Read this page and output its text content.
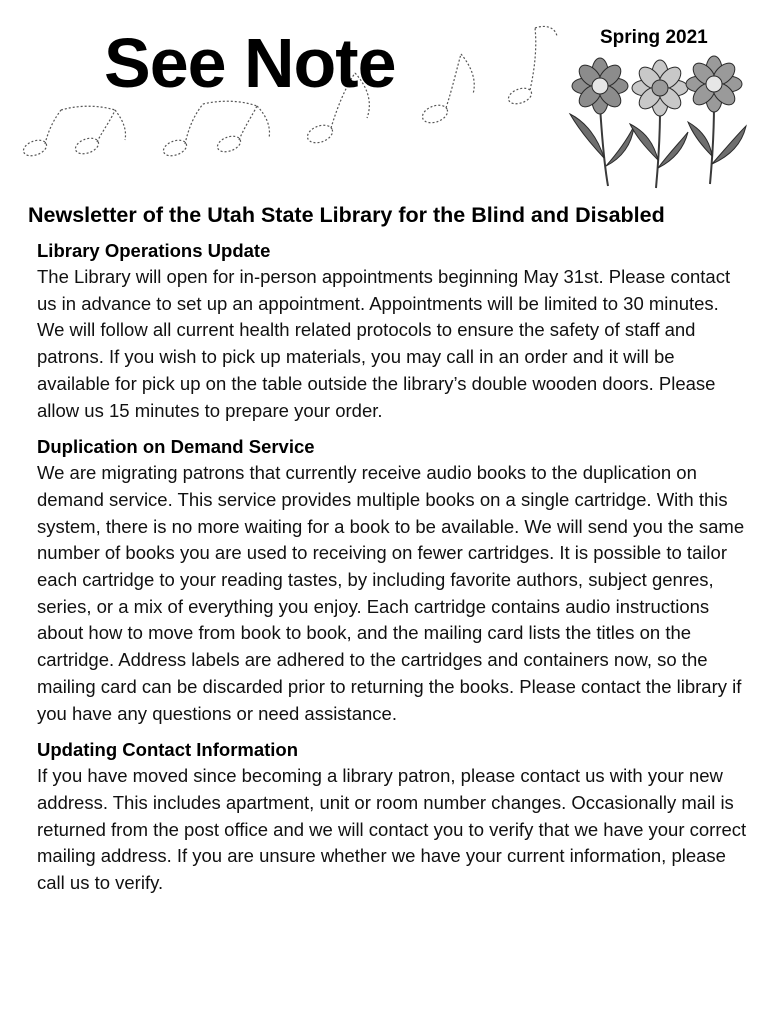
See Note	Spring 2021
Newsletter of the Utah State Library for the Blind and Disabled
Library Operations Update

The Library will open for in-person appointments beginning May 31st. Please contact us in advance to set up an appointment. Appointments will be limited to 30 minutes. We will follow all current health related protocols to ensure the safety of staff and patrons. If you wish to pick up materials, you may call in an order and it will be available for pick up on the table outside the library’s double wooden doors. Please allow us 15 minutes to prepare your order.

Duplication on Demand Service

We are migrating patrons that currently receive audio books to the duplication on demand service. This service provides multiple books on a single cartridge. With this system, there is no more waiting for a book to be available. We will send you the same number of books you are used to receiving on fewer cartridges. It is possible to tailor each cartridge to your reading tastes, by including favorite authors, subject genres, series, or a mix of everything you enjoy. Each cartridge contains audio instructions about how to move from book to book, and the mailing card lists the titles on the cartridge. Address labels are adhered to the cartridges and containers now, so the mailing card can be discarded prior to returning the books. Please contact the library if you have any questions or need assistance.

Updating Contact Information

If you have moved since becoming a library patron, please contact us with your new address. This includes apartment, unit or room number changes. Occasionally mail is returned from the post office and we will contact you to verify that we have your correct mailing address. If you are unsure whether we have your current information, please call us to verify.
